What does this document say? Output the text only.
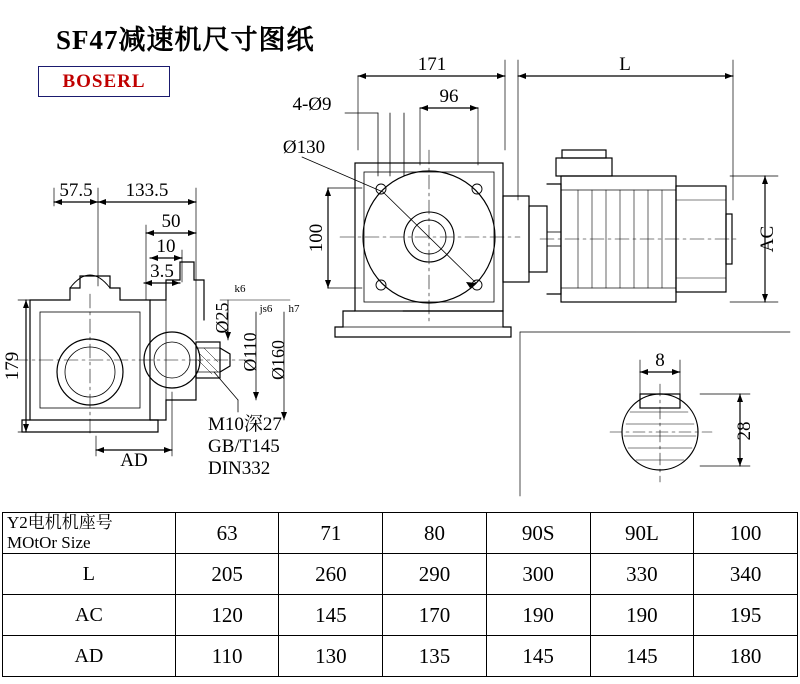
SF47减速机尺寸图纸
BOSERL
171	L
96
4-Ø9
Ø130
100	AC
57.5 133.5
50
10
3.5
179
AD
Ø25
k6
Ø110
js6
Ø160
h7
M10深27
GB/T145
DIN332
8
28
Y2电机机座号
MOtOr Size	63	71	80	90S	90L	100
L	205	260	290	300	330	340
AC	120	145	170	190	190	195
AD	110	130	135	145	145	180
